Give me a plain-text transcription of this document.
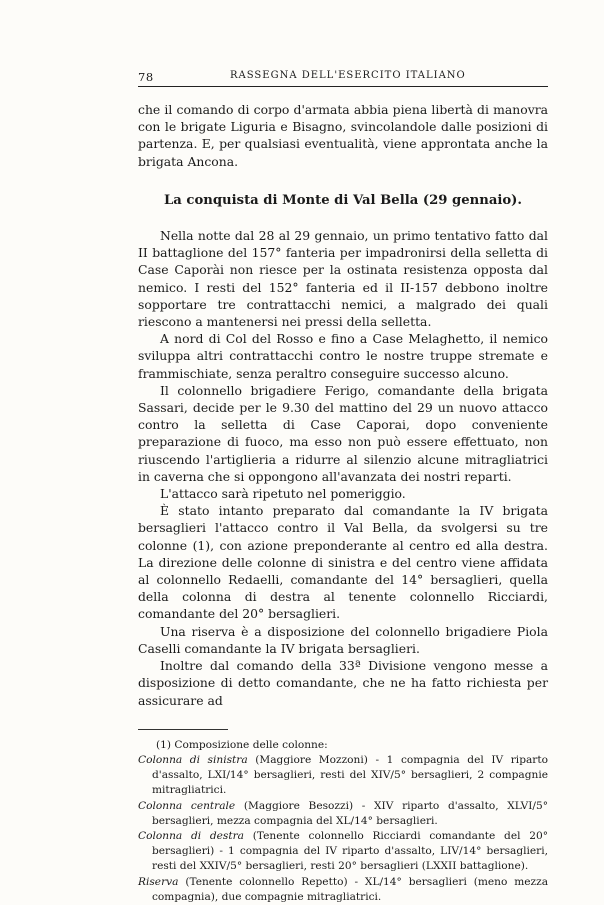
78	RASSEGNA DELL'ESERCITO ITALIANO

che il comando di corpo d'armata abbia piena libertà di manovra con le brigate Liguria e Bisagno, svincolandole dalle posizioni di partenza. E, per qualsiasi eventualità, viene approntata anche la brigata Ancona.

La conquista di Monte di Val Bella (29 gennaio).

Nella notte dal 28 al 29 gennaio, un primo tentativo fatto dal II battaglione del 157° fanteria per impadronirsi della selletta di Case Caporài non riesce per la ostinata resistenza opposta dal nemico. I resti del 152° fanteria ed il II-157 debbono inoltre sopportare tre contrattacchi nemici, a malgrado dei quali riescono a mantenersi nei pressi della selletta.

A nord di Col del Rosso e fino a Case Melaghetto, il nemico sviluppa altri contrattacchi contro le nostre truppe stremate e frammischiate, senza peraltro conseguire successo alcuno.

Il colonnello brigadiere Ferigo, comandante della brigata Sassari, decide per le 9.30 del mattino del 29 un nuovo attacco contro la selletta di Case Caporai, dopo conveniente preparazione di fuoco, ma esso non può essere effettuato, non riuscendo l'artiglieria a ridurre al silenzio alcune mitragliatrici in caverna che si oppongono all'avanzata dei nostri reparti.

L'attacco sarà ripetuto nel pomeriggio.

È stato intanto preparato dal comandante la IV brigata bersaglieri l'attacco contro il Val Bella, da svolgersi su tre colonne (1), con azione preponderante al centro ed alla destra. La direzione delle colonne di sinistra e del centro viene affidata al colonnello Redaelli, comandante del 14° bersaglieri, quella della colonna di destra al tenente colonnello Ricciardi, comandante del 20° bersaglieri.

Una riserva è a disposizione del colonnello brigadiere Piola Caselli comandante la IV brigata bersaglieri.

Inoltre dal comando della 33ª Divisione vengono messe a disposizione di detto comandante, che ne ha fatto richiesta per assicurare ad

(1) Composizione delle colonne:

Colonna di sinistra (Maggiore Mozzoni) - 1 compagnia del IV riparto d'assalto, LXI/14° bersaglieri, resti del XIV/5° bersaglieri, 2 compagnie mitragliatrici.

Colonna centrale (Maggiore Besozzi) - XIV riparto d'assalto, XLVI/5° bersaglieri, mezza compagnia del XL/14° bersaglieri.

Colonna di destra (Tenente colonnello Ricciardi comandante del 20° bersaglieri) - 1 compagnia del IV riparto d'assalto, LIV/14° bersaglieri, resti del XXIV/5° bersaglieri, resti 20° bersaglieri (LXXII battaglione).

Riserva (Tenente colonnello Repetto) - XL/14° bersaglieri (meno mezza compagnia), due compagnie mitragliatrici.
